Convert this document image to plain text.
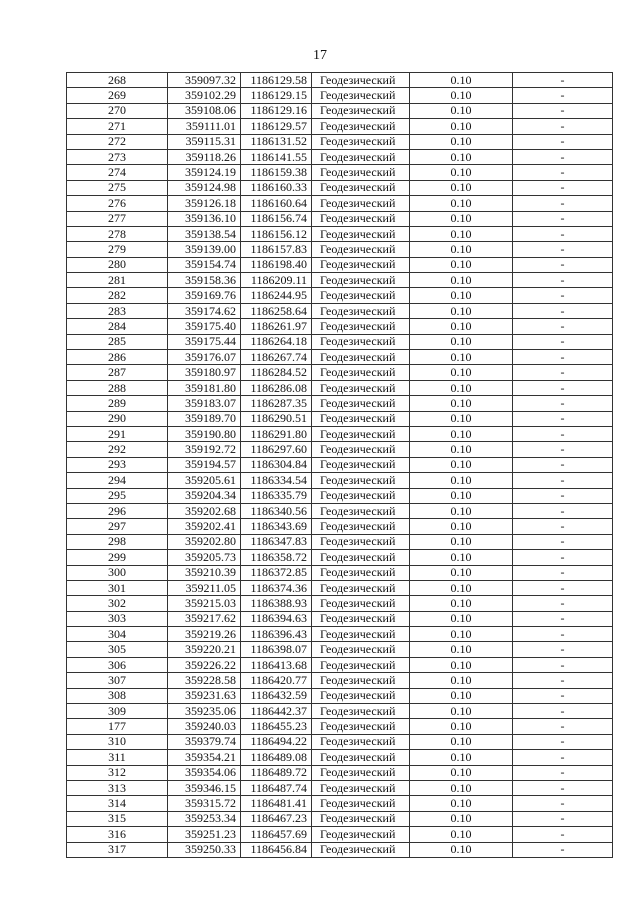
17
268	359097.32	1186129.58	Геодезический	0.10	-
269	359102.29	1186129.15	Геодезический	0.10	-
270	359108.06	1186129.16	Геодезический	0.10	-
271	359111.01	1186129.57	Геодезический	0.10	-
272	359115.31	1186131.52	Геодезический	0.10	-
273	359118.26	1186141.55	Геодезический	0.10	-
274	359124.19	1186159.38	Геодезический	0.10	-
275	359124.98	1186160.33	Геодезический	0.10	-
276	359126.18	1186160.64	Геодезический	0.10	-
277	359136.10	1186156.74	Геодезический	0.10	-
278	359138.54	1186156.12	Геодезический	0.10	-
279	359139.00	1186157.83	Геодезический	0.10	-
280	359154.74	1186198.40	Геодезический	0.10	-
281	359158.36	1186209.11	Геодезический	0.10	-
282	359169.76	1186244.95	Геодезический	0.10	-
283	359174.62	1186258.64	Геодезический	0.10	-
284	359175.40	1186261.97	Геодезический	0.10	-
285	359175.44	1186264.18	Геодезический	0.10	-
286	359176.07	1186267.74	Геодезический	0.10	-
287	359180.97	1186284.52	Геодезический	0.10	-
288	359181.80	1186286.08	Геодезический	0.10	-
289	359183.07	1186287.35	Геодезический	0.10	-
290	359189.70	1186290.51	Геодезический	0.10	-
291	359190.80	1186291.80	Геодезический	0.10	-
292	359192.72	1186297.60	Геодезический	0.10	-
293	359194.57	1186304.84	Геодезический	0.10	-
294	359205.61	1186334.54	Геодезический	0.10	-
295	359204.34	1186335.79	Геодезический	0.10	-
296	359202.68	1186340.56	Геодезический	0.10	-
297	359202.41	1186343.69	Геодезический	0.10	-
298	359202.80	1186347.83	Геодезический	0.10	-
299	359205.73	1186358.72	Геодезический	0.10	-
300	359210.39	1186372.85	Геодезический	0.10	-
301	359211.05	1186374.36	Геодезический	0.10	-
302	359215.03	1186388.93	Геодезический	0.10	-
303	359217.62	1186394.63	Геодезический	0.10	-
304	359219.26	1186396.43	Геодезический	0.10	-
305	359220.21	1186398.07	Геодезический	0.10	-
306	359226.22	1186413.68	Геодезический	0.10	-
307	359228.58	1186420.77	Геодезический	0.10	-
308	359231.63	1186432.59	Геодезический	0.10	-
309	359235.06	1186442.37	Геодезический	0.10	-
177	359240.03	1186455.23	Геодезический	0.10	-
310	359379.74	1186494.22	Геодезический	0.10	-
311	359354.21	1186489.08	Геодезический	0.10	-
312	359354.06	1186489.72	Геодезический	0.10	-
313	359346.15	1186487.74	Геодезический	0.10	-
314	359315.72	1186481.41	Геодезический	0.10	-
315	359253.34	1186467.23	Геодезический	0.10	-
316	359251.23	1186457.69	Геодезический	0.10	-
317	359250.33	1186456.84	Геодезический	0.10	-
